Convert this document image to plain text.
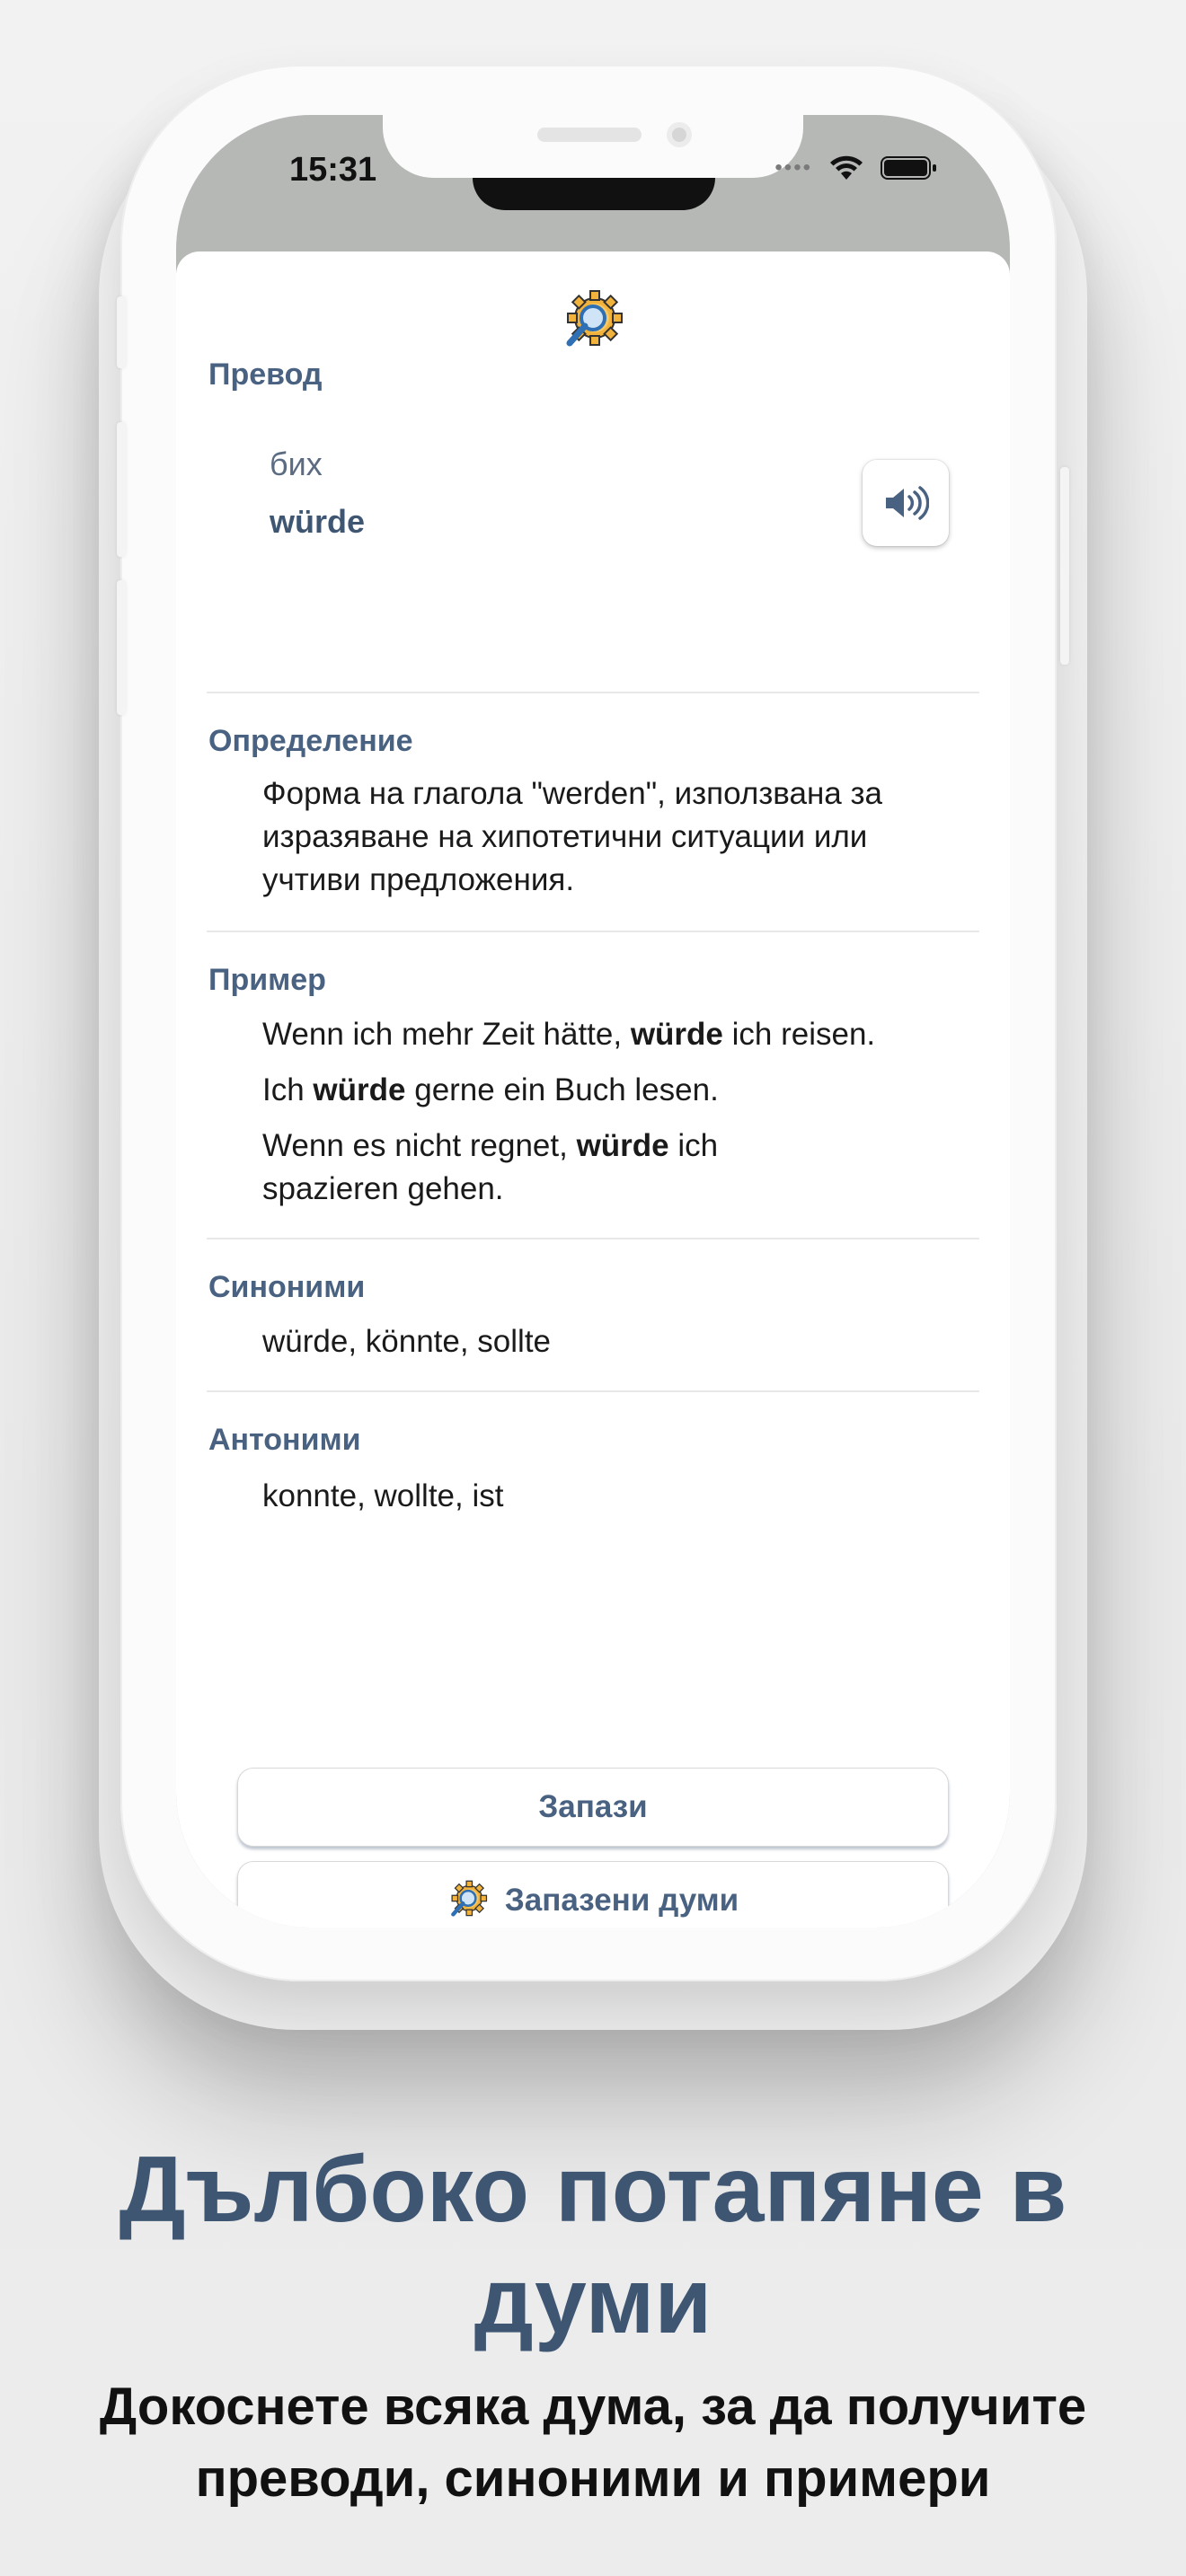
15:31	••••
Превод
бих
würde
Определение

Форма на глагола "werden", използвана за изразяване на хипотетични ситуации или учтиви предложения.

Пример

Wenn ich mehr Zeit hätte, würde ich reisen.

Ich würde gerne ein Buch lesen.

Wenn es nicht regnet, würde ich spazieren gehen.

Синоними

würde, könnte, sollte

Антоними

konnte, wollte, ist

Запази
Запазени думи
Дълбоко потапяне в думи

Докоснете всяка дума, за да получите преводи, синоними и примери
